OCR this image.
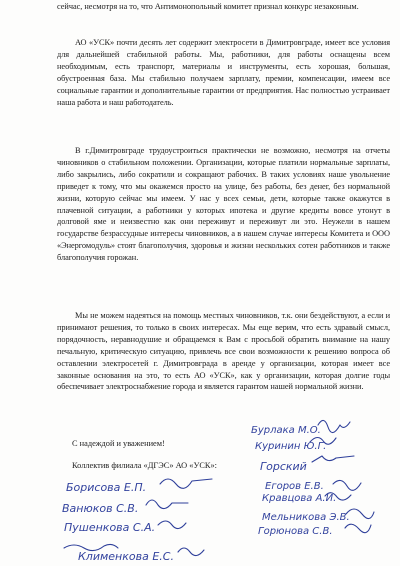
сейчас, несмотря на то, что Антимонопольный комитет признал конкурс незаконным.

АО «УСК» почти десять лет содержит электросети в Димитровграде, имеет все условия для дальнейшей стабильной работы. Мы, работники, для работы оснащены всем необходимым, есть транспорт, материалы и инструменты, есть хорошая, большая, обустроенная база. Мы стабильно получаем зарплату, премии, компенсации, имеем все социальные гарантии и дополнительные гарантии от предприятия. Нас полностью устраивает наша работа и наш работодатель.

В г.Димитровграде трудоустроиться практически не возможно, несмотря на отчеты чиновников о стабильном положении. Организации, которые платили нормальные зарплаты, либо закрылись, либо сократили и сокращают рабочих. В таких условиях наше увольнение приведет к тому, что мы окажемся просто на улице, без работы, без денег, без нормальной жизни, которую сейчас мы имеем. У нас у всех семьи, дети, которые также окажутся в плачевной ситуации, а работники у которых ипотека и другие кредиты вовсе утонут в долговой яме и неизвестно как они переживут и переживут ли это. Неужели в нашем государстве безраcсудные интересы чиновников, а в нашем случае интересы Комитета и ООО «Энергомодуль» стоят благополучия, здоровья и жизни нескольких сотен работников и также благополучия горожан.

Мы не можем надеяться на помощь местных чиновников, т.к. они бездействуют, а если и принимают решения, то только в своих интересах. Мы еще верим, что есть здравый смысл, порядочность, неравнодушие и обращаемся к Вам с просьбой обратить внимание на нашу печальную, критическую ситуацию, привлечь все свои возможности к решению вопроса об оставлении электросетей г. Димитровграда в аренде у организации, которая имеет все законные основания на это, то есть АО «УСК», как у организации, которая долгие годы обеспечивает электроснабжение города и является гарантом нашей нормальной жизни.

С надеждой и уважением!

Коллектив филиала «ДГЭС» АО «УСК»:

Бурлака М.О.
Куринин Ю.Г.
Горский
Егоров Е.В.
Кравцова А.И.
Мельникова Э.В.
Горюнова С.В.
Борисова Е.П.
Ванюков С.В.
Пушенкова С.А.
Клименкова Е.С.
